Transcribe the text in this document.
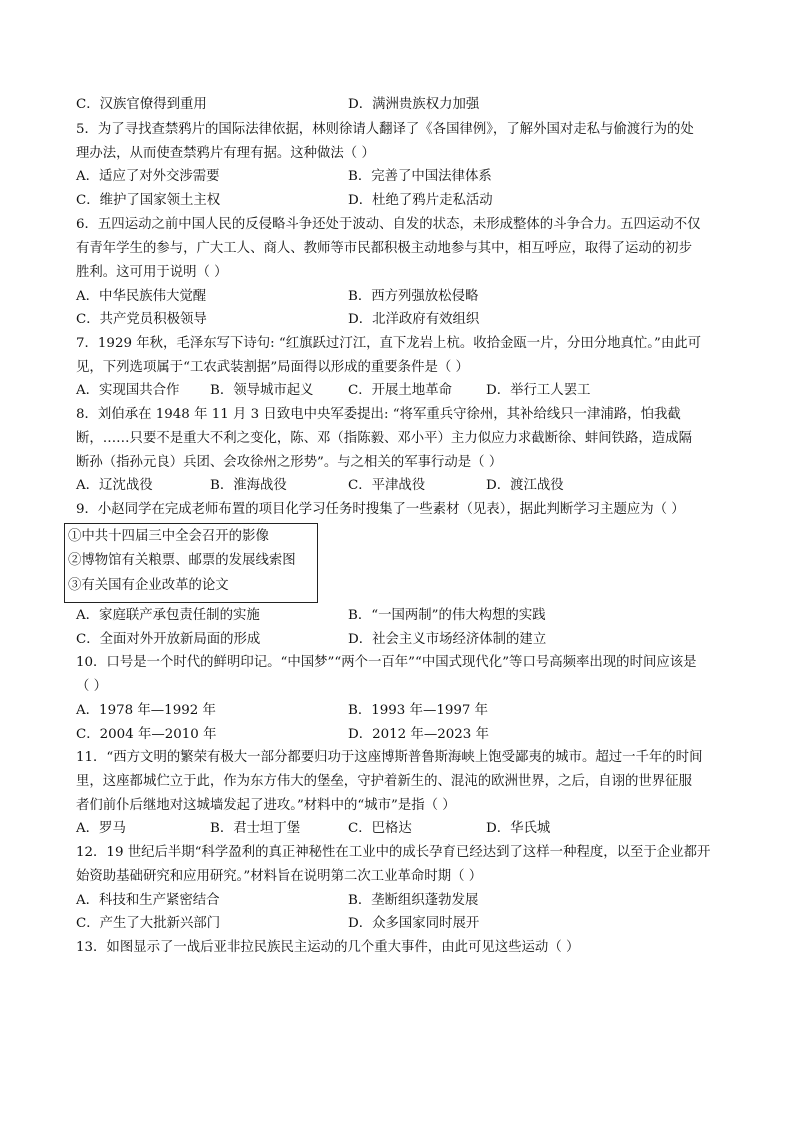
C．汉族官僚得到重用	D．满洲贵族权力加强
5．为了寻找查禁鸦片的国际法律依据，林则徐请人翻译了《各国律例》，了解外国对走私与偷渡行为的处
理办法，从而使查禁鸦片有理有据。这种做法（ ）
A．适应了对外交涉需要	B．完善了中国法律体系
C．维护了国家领土主权	D．杜绝了鸦片走私活动
6．五四运动之前中国人民的反侵略斗争还处于波动、自发的状态，未形成整体的斗争合力。五四运动不仅
有青年学生的参与，广大工人、商人、教师等市民都积极主动地参与其中，相互呼应，取得了运动的初步
胜利。这可用于说明（ ）
A．中华民族伟大觉醒	B．西方列强放松侵略
C．共产党员积极领导	D．北洋政府有效组织
7．1929 年秋，毛泽东写下诗句: “红旗跃过汀江，直下龙岩上杭。收拾金瓯一片，分田分地真忙。”由此可
见，下列选项属于“工农武装割据”局面得以形成的重要条件是（ ）
A．实现国共合作 B．领导城市起义	C．开展土地革命	D．举行工人罢工
8．刘伯承在 1948 年 11 月 3 日致电中央军委提出: “将军重兵守徐州，其补给线只一津浦路，怕我截
断，……只要不是重大不利之变化，陈、邓（指陈毅、邓小平）主力似应力求截断徐、蚌间铁路，造成隔
断孙（指孙元良）兵团、会攻徐州之形势”。与之相关的军事行动是（ ）
A．辽沈战役	B．淮海战役	C．平津战役	D．渡江战役
9．小赵同学在完成老师布置的项目化学习任务时搜集了一些素材（见表），据此判断学习主题应为（ ）
①中共十四届三中全会召开的影像
②博物馆有关粮票、邮票的发展线索图
③有关国有企业改革的论文
A．家庭联产承包责任制的实施	B．“一国两制”的伟大构想的实践
C．全面对外开放新局面的形成	D．社会主义市场经济体制的建立
10．口号是一个时代的鲜明印记。“中国梦”“两个一百年”“中国式现代化”等口号高频率出现的时间应该是
（ ）
A．1978 年—1992 年	B．1993 年—1997 年
C．2004 年—2010 年	D．2012 年—2023 年
11．“西方文明的繁荣有极大一部分都要归功于这座博斯普鲁斯海峡上饱受鄙夷的城市。超过一千年的时间
里，这座都城伫立于此，作为东方伟大的堡垒，守护着新生的、混沌的欧洲世界，之后，自诩的世界征服
者们前仆后继地对这城墙发起了进攻。”材料中的“城市”是指（ ）
A．罗马	B．君士坦丁堡	C．巴格达	D．华氏城
12．19 世纪后半期“科学盈利的真正神秘性在工业中的成长孕育已经达到了这样一种程度，以至于企业都开
始资助基础研究和应用研究。”材料旨在说明第二次工业革命时期（ ）
A．科技和生产紧密结合	B．垄断组织蓬勃发展
C．产生了大批新兴部门	D．众多国家同时展开
13．如图显示了一战后亚非拉民族民主运动的几个重大事件，由此可见这些运动（ ）
